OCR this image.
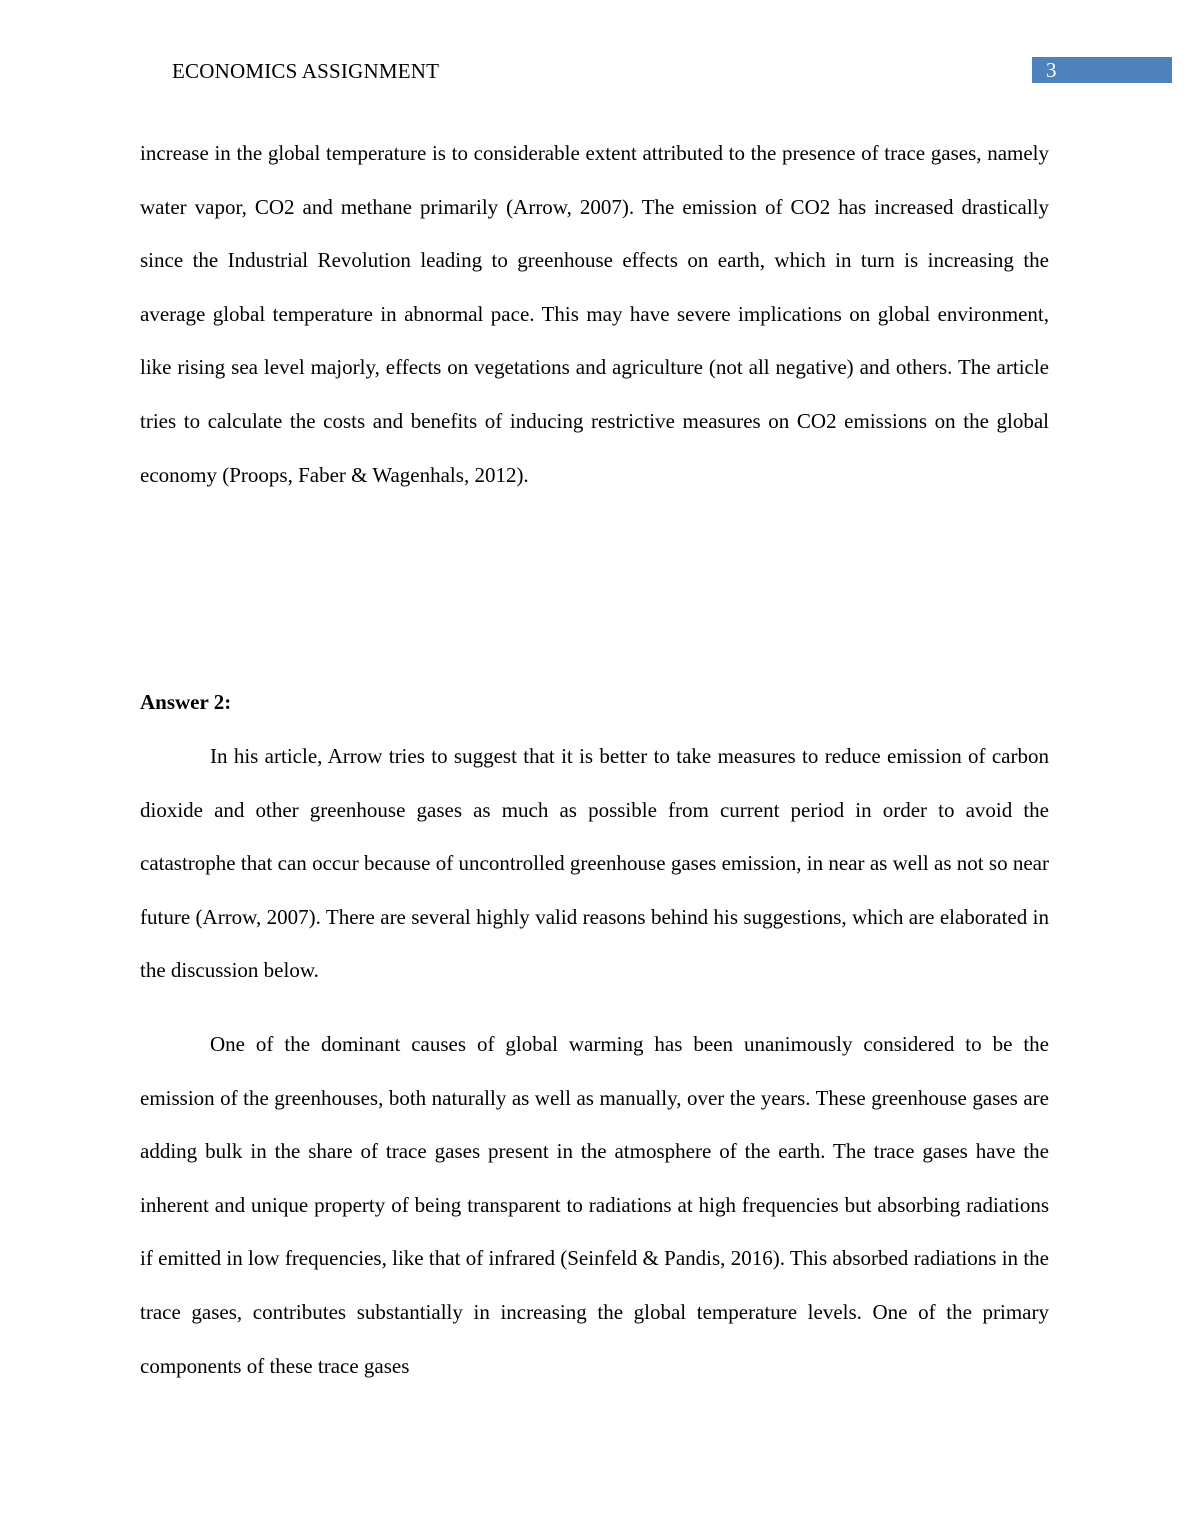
ECONOMICS ASSIGNMENT	3

increase in the global temperature is to considerable extent attributed to the presence of trace gases, namely water vapor, CO2 and methane primarily (Arrow, 2007). The emission of CO2 has increased drastically since the Industrial Revolution leading to greenhouse effects on earth, which in turn is increasing the average global temperature in abnormal pace. This may have severe implications on global environment, like rising sea level majorly, effects on vegetations and agriculture (not all negative) and others. The article tries to calculate the costs and benefits of inducing restrictive measures on CO2 emissions on the global economy (Proops, Faber & Wagenhals, 2012).

Answer 2:

In his article, Arrow tries to suggest that it is better to take measures to reduce emission of carbon dioxide and other greenhouse gases as much as possible from current period in order to avoid the catastrophe that can occur because of uncontrolled greenhouse gases emission, in near as well as not so near future (Arrow, 2007). There are several highly valid reasons behind his suggestions, which are elaborated in the discussion below.

One of the dominant causes of global warming has been unanimously considered to be the emission of the greenhouses, both naturally as well as manually, over the years. These greenhouse gases are adding bulk in the share of trace gases present in the atmosphere of the earth. The trace gases have the inherent and unique property of being transparent to radiations at high frequencies but absorbing radiations if emitted in low frequencies, like that of infrared (Seinfeld & Pandis, 2016). This absorbed radiations in the trace gases, contributes substantially in increasing the global temperature levels. One of the primary components of these trace gases
